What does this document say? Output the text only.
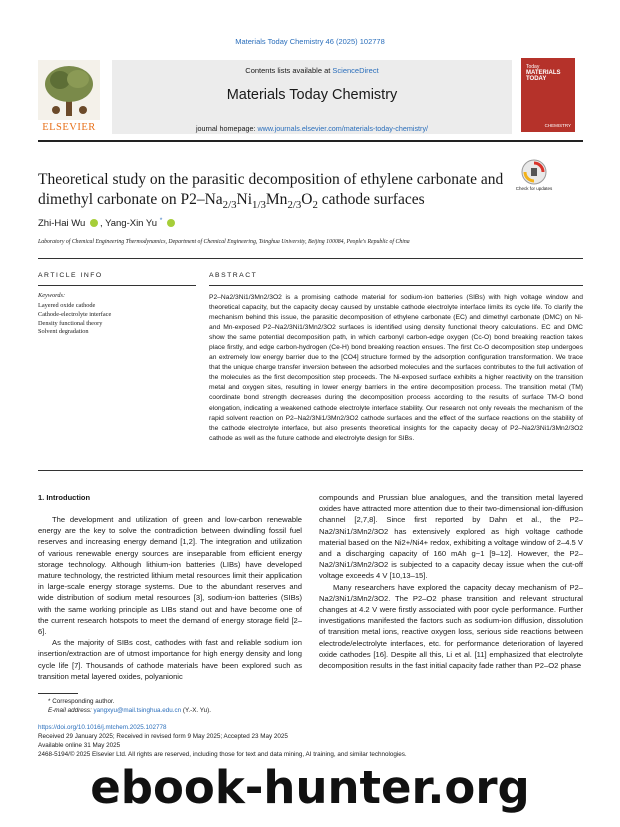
Materials Today Chemistry 46 (2025) 102778
ELSEVIER
Contents lists available at ScienceDirect
Materials Today Chemistry
journal homepage: www.journals.elsevier.com/materials-today-chemistry/
Today
MATERIALS TODAY
CHEMISTRY
Theoretical study on the parasitic decomposition of ethylene carbonate and
dimethyl carbonate on $P2-Na_{2/3}Ni_{1/3}Mn_{2/3}O_2$ cathode surfaces
Check for updates
Zhi-Hai Wu , Yang-Xin Yu *
Laboratory of Chemical Engineering Thermodynamics, Department of Chemical Engineering, Tsinghua University, Beijing 100084, People's Republic of China
ARTICLE INFO	ABSTRACT
Keywords:
Layered oxide cathode
Cathode-electrolyte interface
Density functional theory
Solvent degradation
P2–Na2/3Ni1/3Mn2/3O2 is a promising cathode material for sodium-ion batteries (SIBs) with high voltage window and theoretical capacity, but the capacity decay caused by unstable cathode electrolyte interface limits its cycle life. To clarify the mechanism behind this issue, the parasitic decomposition of ethylene carbonate (EC) and dimethyl carbonate (DMC) on Ni- and Mn-exposed P2–Na2/3Ni1/3Mn2/3O2 surfaces is identified using density functional theory calculations. EC and DMC show the same potential decomposition path, in which carbonyl carbon-edge oxygen (Cc-O) bond breaking reaction takes place firstly, and edge carbon-hydrogen (Ce-H) bond breaking reaction ensues. The first Cc-O decomposition step undergoes an extremely low energy barrier due to the [CO4] structure formed by the adsorption configuration transformation. We trace that the unique charge transfer inversion between the adsorbed molecules and the surfaces contributes to the full activation of the molecules as the first decomposition step proceeds. The Ni-exposed surface exhibits a higher reactivity on the transition metal and oxygen sites, resulting in lower energy barriers in the entire decomposition process. The transition metal (TM) coordinate bond strength decreases during the decomposition process according to the results of surface TM-O bond elongation, indicating a weakened cathode electrolyte interface stability. Our research not only reveals the mechanism of the rapid solvent reaction on P2–Na2/3Ni1/3Mn2/3O2 cathode surfaces and the effect of the surface reactions on the stability of the cathode electrolyte interface, but also presents theoretical insights for the capacity decay of P2–Na2/3Ni1/3Mn2/3O2 cathode as well as the future cathode and electrolyte design for SIBs.
1. Introduction

The development and utilization of green and low-carbon renewable energy are the key to solve the contradiction between dwindling fossil fuel reserves and increasing energy demand [1,2]. The integration and utilization of various renewable energy sources are inseparable from efficient energy storage technology. Although lithium-ion batteries (LIBs) have developed mature technology, the restricted lithium metal resources limit their application in large-scale energy storage systems. Due to the abundant reserves and wide distribution of sodium metal resources [3], sodium-ion batteries (SIBs) with the same working principle as LIBs stand out and have become one of the current research hotspots to meet the demand of energy storage field [2–6].

As the majority of SIBs cost, cathodes with fast and reliable sodium ion insertion/extraction are of utmost importance for high energy density and long cycle life [7]. Thousands of cathode materials have been explored such as transition metal layered oxides, polyanionic

compounds and Prussian blue analogues, and the transition metal layered oxides have attracted more attention due to their two-dimensional ion-diffusion channel [2,7,8]. Since first reported by Dahn et al., the P2–Na2/3Ni1/3Mn2/3O2 has extensively explored as high voltage cathode material based on the Ni2+/Ni4+ redox, exhibiting a voltage window of 2–4.5 V and a discharging capacity of 160 mAh g−1 [9–12]. However, the P2–Na2/3Ni1/3Mn2/3O2 is subjected to a capacity decay issue when the cut-off voltage exceeds 4 V [10,13–15].

Many researchers have explored the capacity decay mechanism of P2–Na2/3Ni1/3Mn2/3O2. The P2–O2 phase transition and relevant structural changes at 4.2 V were firstly associated with poor cycle performance. Further investigations manifested the factors such as sodium-ion diffusion, dissolution of transition metal ions, reactive oxygen loss, serious side reactions between electrode/electrolyte interfaces, etc. for performance deterioration of layered oxide cathodes [16]. Despite all this, Li et al. [11] emphasized that electrolyte decomposition results in the fast initial capacity fade rather than P2–O2 phase

* Corresponding author.
E-mail address: yangxyu@mail.tsinghua.edu.cn (Y.-X. Yu).
https://doi.org/10.1016/j.mtchem.2025.102778
Received 29 January 2025; Received in revised form 9 May 2025; Accepted 23 May 2025
Available online 31 May 2025
2468-5194/© 2025 Elsevier Ltd. All rights are reserved, including those for text and data mining, AI training, and similar technologies.
ebook-hunter.org
